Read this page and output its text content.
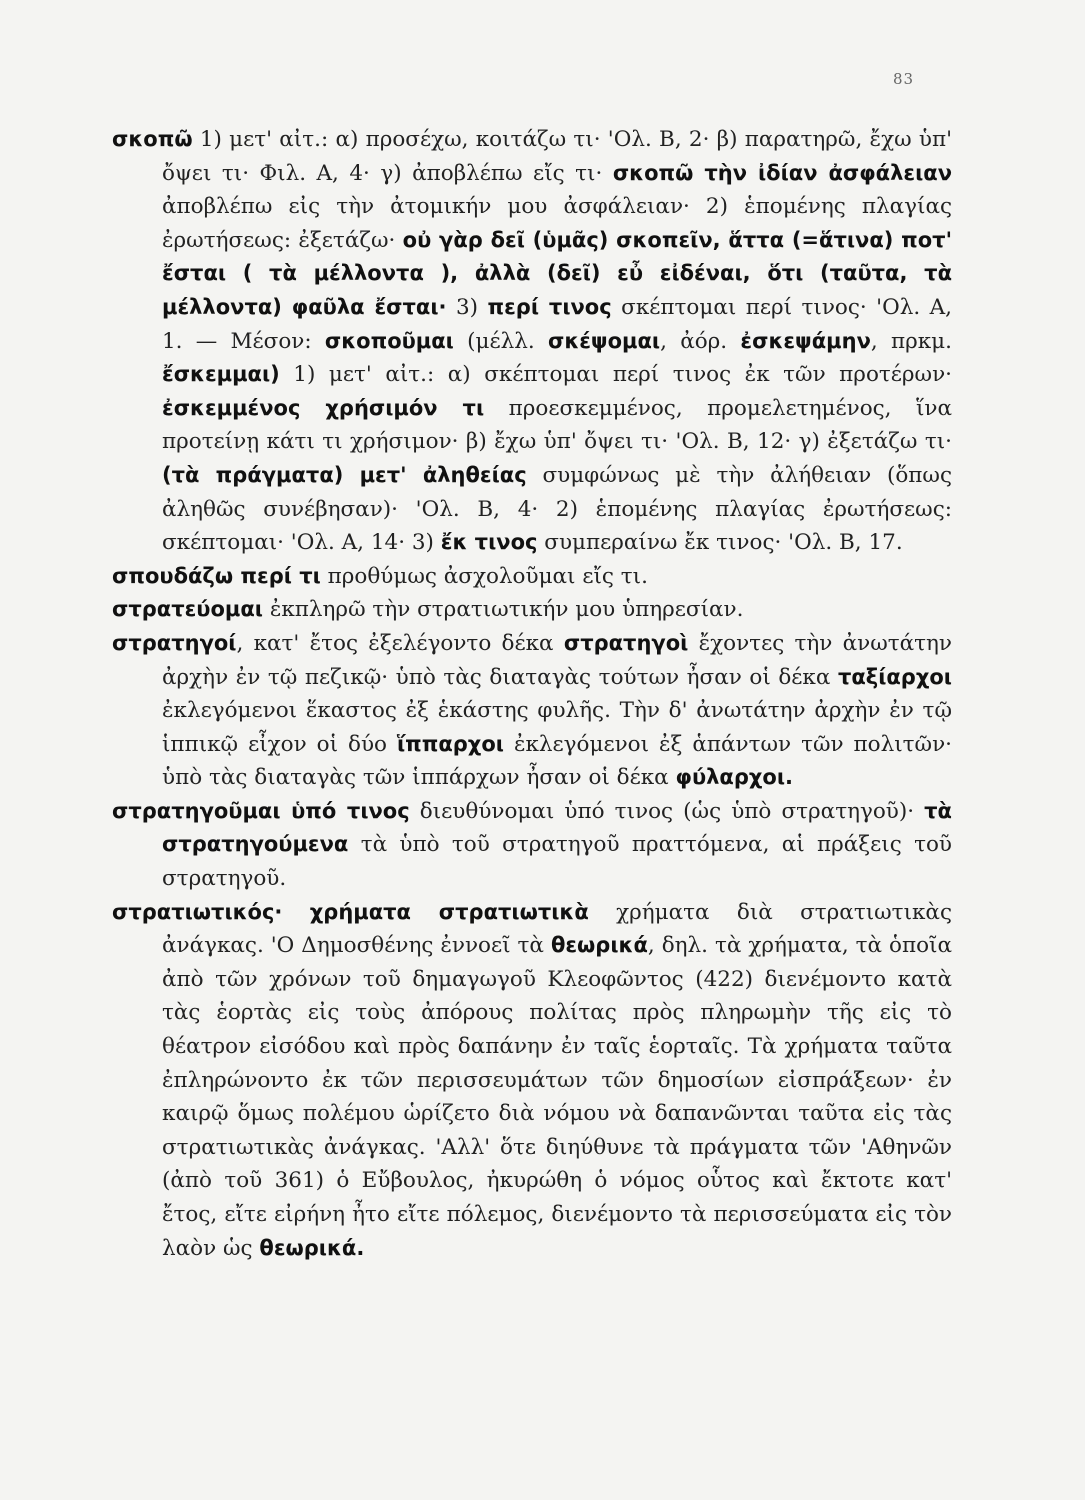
83

σκοπῶ 1) μετ' αἰτ.: α) προσέχω, κοιτάζω τι· 'Ολ. Β, 2· β) παρατηρῶ, ἔχω ὑπ' ὄψει τι· Φιλ. Α, 4· γ) ἀποβλέπω εἴς τι· σκοπῶ τὴν ἰδίαν ἀσφάλειαν ἀποβλέπω εἰς τὴν ἀτομικήν μου ἀσφάλειαν· 2) ἑπομένης πλαγίας ἐρωτήσεως: ἐξετάζω· οὐ γὰρ δεῖ (ὑμᾶς) σκοπεῖν, ἅττα (=ἅτινα) ποτ' ἔσται ( τὰ μέλλοντα ), ἀλλὰ (δεῖ) εὖ εἰδέναι, ὅτι (ταῦτα, τὰ μέλλοντα) φαῦλα ἔσται· 3) περί τινος σκέπτομαι περί τινος· 'Ολ. Α, 1. — Μέσον: σκοποῦμαι (μέλλ. σκέψομαι, ἀόρ. ἐσκεψάμην, πρκμ. ἔσκεμμαι) 1) μετ' αἰτ.: α) σκέπτομαι περί τινος ἐκ τῶν προτέρων· ἐσκεμμένος χρήσιμόν τι προεσκεμμένος, προμελετημένος, ἵνα προτείνῃ κάτι τι χρήσιμον· β) ἔχω ὑπ' ὄψει τι· 'Ολ. Β, 12· γ) ἐξετάζω τι· (τὰ πράγματα) μετ' ἀληθείας συμφώνως μὲ τὴν ἀλήθειαν (ὅπως ἀληθῶς συνέβησαν)· 'Ολ. Β, 4· 2) ἑπομένης πλαγίας ἐρωτήσεως: σκέπτομαι· 'Ολ. Α, 14· 3) ἔκ τινος συμπεραίνω ἔκ τινος· 'Ολ. Β, 17.

σπουδάζω περί τι προθύμως ἀσχολοῦμαι εἴς τι.

στρατεύομαι ἐκπληρῶ τὴν στρατιωτικήν μου ὑπηρεσίαν.

στρατηγοί, κατ' ἔτος ἐξελέγοντο δέκα στρατηγοὶ ἔχοντες τὴν ἀνωτάτην ἀρχὴν ἐν τῷ πεζικῷ· ὑπὸ τὰς διαταγὰς τούτων ἦσαν οἱ δέκα ταξίαρχοι ἐκλεγόμενοι ἕκαστος ἐξ ἑκάστης φυλῆς. Τὴν δ' ἀνωτάτην ἀρχὴν ἐν τῷ ἱππικῷ εἶχον οἱ δύο ἵππαρχοι ἐκλεγόμενοι ἐξ ἁπάντων τῶν πολιτῶν· ὑπὸ τὰς διαταγὰς τῶν ἱππάρχων ἦσαν οἱ δέκα φύλαρχοι.

στρατηγοῦμαι ὑπό τινος διευθύνομαι ὑπό τινος (ὡς ὑπὸ στρατηγοῦ)· τὰ στρατηγούμενα τὰ ὑπὸ τοῦ στρατηγοῦ πραττόμενα, αἱ πράξεις τοῦ στρατηγοῦ.

στρατιωτικός· χρήματα στρατιωτικὰ χρήματα διὰ στρατιωτικὰς ἀνάγκας. 'Ο Δημοσθένης ἐννοεῖ τὰ θεωρικά, δηλ. τὰ χρήματα, τὰ ὁποῖα ἀπὸ τῶν χρόνων τοῦ δημαγωγοῦ Κλεοφῶντος (422) διενέμοντο κατὰ τὰς ἑορτὰς εἰς τοὺς ἀπόρους πολίτας πρὸς πληρωμὴν τῆς εἰς τὸ θέατρον εἰσόδου καὶ πρὸς δαπάνην ἐν ταῖς ἑορταῖς. Τὰ χρήματα ταῦτα ἐπληρώνοντο ἐκ τῶν περισσευμάτων τῶν δημοσίων εἰσπράξεων· ἐν καιρῷ ὅμως πολέμου ὡρίζετο διὰ νόμου νὰ δαπανῶνται ταῦτα εἰς τὰς στρατιωτικὰς ἀνάγκας. 'Αλλ' ὅτε διηύθυνε τὰ πράγματα τῶν 'Αθηνῶν (ἀπὸ τοῦ 361) ὁ Εὔβουλος, ἠκυρώθη ὁ νόμος οὗτος καὶ ἔκτοτε κατ' ἔτος, εἴτε εἰρήνη ἦτο εἴτε πόλεμος, διενέμοντο τὰ περισσεύματα εἰς τὸν λαὸν ὡς θεωρικά.
